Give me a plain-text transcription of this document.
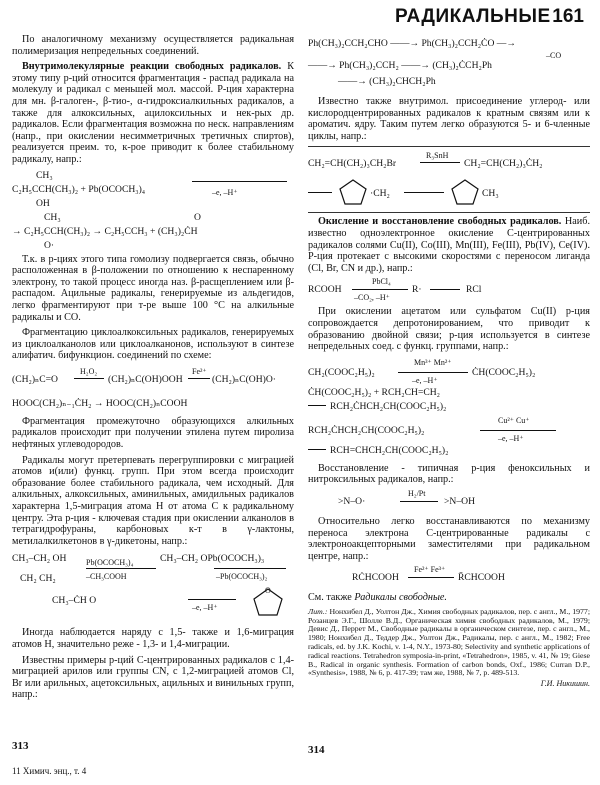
РАДИКАЛЬНЫЕ 161

По аналогичному механизму осуществляется радикальная полимеризация непредельных соединений.

Внутримолекулярные реакции свободных радикалов. К этому типу р-ций относится фрагментация - распад радикала на молекулу и радикал с меньшей мол. массой. Р-ция характерна для мн. β-галоген-, β-тио-, α-гидроксиалкильных радикалов, а также для алкоксильных, ацилоксильных и нек-рых др. радикалов. Если фрагментация возможна по неск. направлениям (напр., при окислении несимметричных третичных спиртов), реализуется преим. то, к-рое приводит к более стабильному радикалу, напр.:

CH₃
C₂H₅CCH(CH₃)₂ + Pb(OCOCH₃)₄	–e, –H⁺
OH
CH₃	O
→ C₂H₅CCH(CH₃)₂ → C₂H₅CCH₃ + (CH₃)₂ĊH
O·

Т.к. в р-циях этого типа гомолизу подвергается связь, обычно расположенная в β-положении по отношению к неспаренному электрону, то такой процесс иногда наз. β-расщеплением или β-распадом. Ацильные радикалы, генерируемые из альдегидов, легко фрагментируют при т-ре выше 100 °С на алкильные радикалы и СО.

Фрагментацию циклоалкоксильных радикалов, генерируемых из циклоалканолов или циклоалканонов, используют в синтезе алифатич. бифункцион. соединений по схеме:

(CH₂)ₙC=O
H₂O₂
(CH₂)ₙC(OH)OOH
Fe²⁺
(CH₂)ₙC(OH)O·
HOOC(CH₂)ₙ₋₁ĊH₂ → HOOC(CH₂)ₙCOOH

Фрагментация промежуточно образующихся алкильных радикалов происходит при получении этилена путем пиролиза нефтяных углеводородов.

Радикалы могут претерпевать перегруппировки с миграцией атомов и(или) функц. групп. При этом всегда происходит образование более стабильного радикала, чем исходный. Для алкильных, алкоксильных, аминильных, амидильных радикалов характерна 1,5-миграция атома Н от атома С к радикальному центру. Эта р-ция - ключевая стадия при окислении алканолов в тетрагидрофураны, карбоновых к-т в γ-лактоны, метилалкилкетонов в γ-дикетоны, напр.:

CH₃–CH₂ OH
CH₂ CH₂
Pb(OCOCH₃)₄
–CH₃COOH
CH₃–CH₂ OPb(OCOCH₃)₃
–Pb(OCOCH₃)₂
CH₃–ĊH O
–e, –H⁺
O

Иногда наблюдается наряду с 1,5- также и 1,6-миграция атомов Н, значительно реже - 1,3- и 1,4-миграции.

Известны примеры р-ций С-центрированных радикалов с 1,4-миграцией арилов или группы CN, с 1,2-миграцией атомов Cl, Br или арильных, ацетоксильных, ацильных и винильных групп, напр.:

313
11 Химич. энц., т. 4
Ph(CH₃)₂CCH₂CHO ——→ Ph(CH₃)₂CCH₂ĊO —→
–CO
——→ Ph(CH₃)₂CCH₂ ——→ (CH₃)₂ĊCH₂Ph
——→ (CH₃)₂CHCH₂Ph

Известно также внутримол. присоединение углерод- или кислородцентрированных радикалов к кратным связям или к ароматич. ядру. Таким путем легко образуются 5- и 6-членные циклы, напр.:

CH₂=CH(CH₂)₃CH₂Br
R₃SnH
CH₂=CH(CH₂)₃ĊH₂
·CH₂	CH₃

Окисление и восстановление свободных радикалов. Наиб. известно одноэлектронное окисление С-центрированных радикалов солями Cu(II), Co(III), Mn(III), Fe(III), Pb(IV), Ce(IV). Р-ция протекает с высокими скоростями с переносом лиганда (Cl, Br, CN и др.), напр.:

RCOOH
PbCl₄
–CO₂, –H⁺
R·	RCl

При окислении ацетатом или сульфатом Cu(II) р-ция сопровождается депротонированием, что приводит к образованию двойной связи; р-ция используется в синтезе непредельных соед. с функц. группами, напр.:

Mn³⁺ Mn²⁺
CH₂(COOC₂H₅)₂
–e, –H⁺
ĊH(COOC₂H₅)₂
ĊH(COOC₂H₅)₂ + RCH₂CH=CH₂
RCH₂ĊHCH₂CH(COOC₂H₅)₂
Cu²⁺ Cu⁺
RCH₂ĊHCH₂CH(COOC₂H₅)₂
–e, –H⁺
RCH=CHCH₂CH(COOC₂H₅)₂

Восстановление - типичная р-ция феноксильных и нитроксильных радикалов, напр.:

>N–O·
H₂/Pt
>N–OH

Относительно легко восстанавливаются по механизму переноса электрона С-центрированные радикалы с электроноакцепторными заместителями при радикальном центре, напр.:

RĊHCOOH
Fe²⁺ Fe³⁺
R̄CHCOOH

См. также Радикалы свободные.

Лит.: Нонхибел Д., Уолтон Дж., Химия свободных радикалов, пер. с англ., М., 1977; Розанцев Э.Г., Шолле В.Д., Органическая химия свободных радикалов, М., 1979; Девис Д., Перрет М., Свободные радикалы в органическом синтезе, пер. с англ., М., 1980; Нонхибел Д., Теддер Дж., Уолтон Дж., Радикалы, пер. с англ., М., 1982; Free radicals, ed. by J.K. Kochi, v. 1-4, N.Y., 1973-80; Selectivity and synthetic applications of radical reactions. Tetrahedron symposia-in-print, «Tetrahedron», 1985, v. 41, № 19; Giese B., Radical in organic synthesis. Formation of carbon bonds, Oxf., 1986; Curran D.P., «Synthesis», 1988, № 6, p. 417-39; там же, 1988, № 7, p. 489-513.
Г.И. Никишин.
314
